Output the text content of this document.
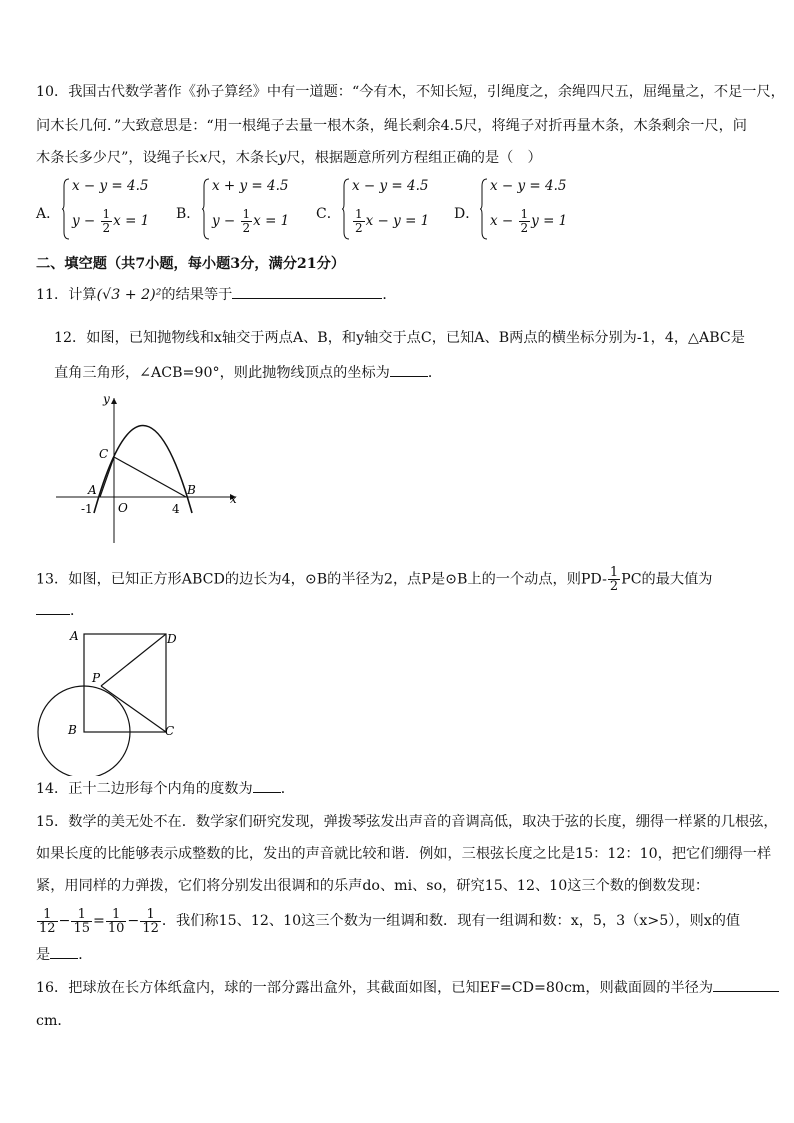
10．我国古代数学著作《孙子算经》中有一道题：“今有木，不知长短，引绳度之，余绳四尺五，屈绳量之，不足一尺，
问木长几何．”大致意思是：“用一根绳子去量一根木条，绳长剩余4.5尺，将绳子对折再量木条，木条剩余一尺，问
木条长多少尺”，设绳子长x尺，木条长y尺，根据题意所列方程组正确的是（　）
A．
x − y = 4.5
$y - \frac{1}{2}$ x = 1 B．
x + y = 4.5
$y - \frac{1}{2}$ x = 1 C．
x − y = 4.5
$\frac{1}{2}$ x − y = 1 D．
x − y = 4.5
$x - \frac{1}{2}$ y = 1
二、填空题（共7小题，每小题3分，满分21分）
11．计算(√3 + 2)²的结果等于	．
12．如图，已知抛物线和x轴交于两点A、B，和y轴交于点C，已知A、B两点的横坐标分别为-1，4，△ABC是
直角三角形，∠ACB=90°，则此抛物线顶点的坐标为	．
y
x
C
A	B
O
-1	4
13．如图，已知正方形ABCD的边长为4，⊙B的半径为2，点P是⊙B上的一个动点，则$PD- \frac{1}{2}$ PC的最大值为
．
A	D
P
B	C
14．正十二边形每个内角的度数为 ．
15．数学的美无处不在．数学家们研究发现，弹拨琴弦发出声音的音调高低，取决于弦的长度，绷得一样紧的几根弦，
如果长度的比能够表示成整数的比，发出的声音就比较和谐．例如，三根弦长度之比是15：12：10，把它们绷得一样
紧，用同样的力弹拨，它们将分别发出很调和的乐声do、mi、so，研究15、12、10这三个数的倒数发现：
$\frac{1}{12} - \frac{1}{15} = \frac{1}{10} - \frac{1}{12}$ ．我们称15、12、10这三个数为一组调和数．现有一组调和数：x，5，3（x>5），则x的值
是 ．
16．把球放在长方体纸盒内，球的一部分露出盒外，其截面如图，已知EF=CD=80cm，则截面圆的半径为
cm．
